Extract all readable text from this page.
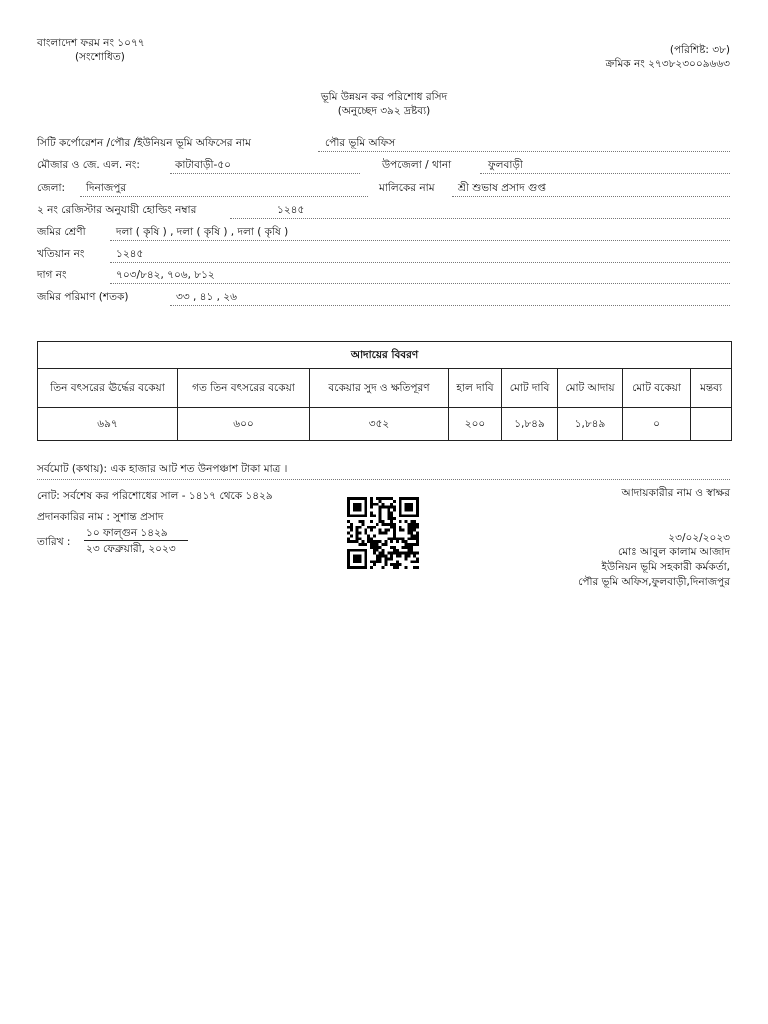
বাংলাদেশ ফরম নং ১০৭৭
(সংশোধিত)
(পরিশিষ্ট: ৩৮)
ক্রমিক নং ২৭৩৮২৩০০৯৬৬৩
ভূমি উন্নয়ন কর পরিশোধ রসিদ
(অনুচ্ছেদ ৩৯২ দ্রষ্টব্য)
সিটি কর্পোরেশন /পৌর /ইউনিয়ন ভূমি অফিসের নাম	পৌর ভূমি অফিস
মৌজার ও জে. এল. নং:	কাটাবাড়ী-৫০	উপজেলা / থানা	ফুলবাড়ী
জেলা: দিনাজপুর	মালিকের নাম শ্রী শুভাষ প্রসাদ গুপ্ত
২ নং রেজিস্টার অনুযায়ী হোল্ডিং নম্বার	১২৪৫
জমির শ্রেণী	দলা ( কৃষি ) , দলা ( কৃষি ) , দলা ( কৃষি )
খতিয়ান নং	১২৪৫
দাগ নং	৭০৩/৮৪২, ৭০৬, ৮১২
জমির পরিমাণ (শতক)	৩৩ , ৪১ , ২৬
আদায়ের বিবরণ							
তিন বৎসরের ঊর্দ্ধের বকেয়া	গত তিন বৎসরের বকেয়া	বকেয়ার সুদ ও ক্ষতিপূরণ	হাল দাবি	মোট দাবি	মোট আদায়	মোট বকেয়া	মন্তব্য
৬৯৭	৬০০	৩৫২	২০০	১,৮৪৯	১,৮৪৯	০	
সর্বমোট (কথায়): এক হাজার আট শত উনপঞ্চাশ টাকা মাত্র ।
নোট: সর্বশেষ কর পরিশোধের সাল - ১৪১৭ থেকে ১৪২৯
প্রদানকারির নাম : সুশান্ত প্রসাদ
তারিখ :
১০ ফাল্গুন ১৪২৯
২৩ ফেব্রুয়ারী, ২০২৩
আদায়কারীর নাম ও স্বাক্ষর
২৩/০২/২০২৩
মোঃ আবুল কালাম আজাদ
ইউনিয়ন ভূমি সহকারী কর্মকর্তা,
পৌর ভূমি অফিস,ফুলবাড়ী,দিনাজপুর
